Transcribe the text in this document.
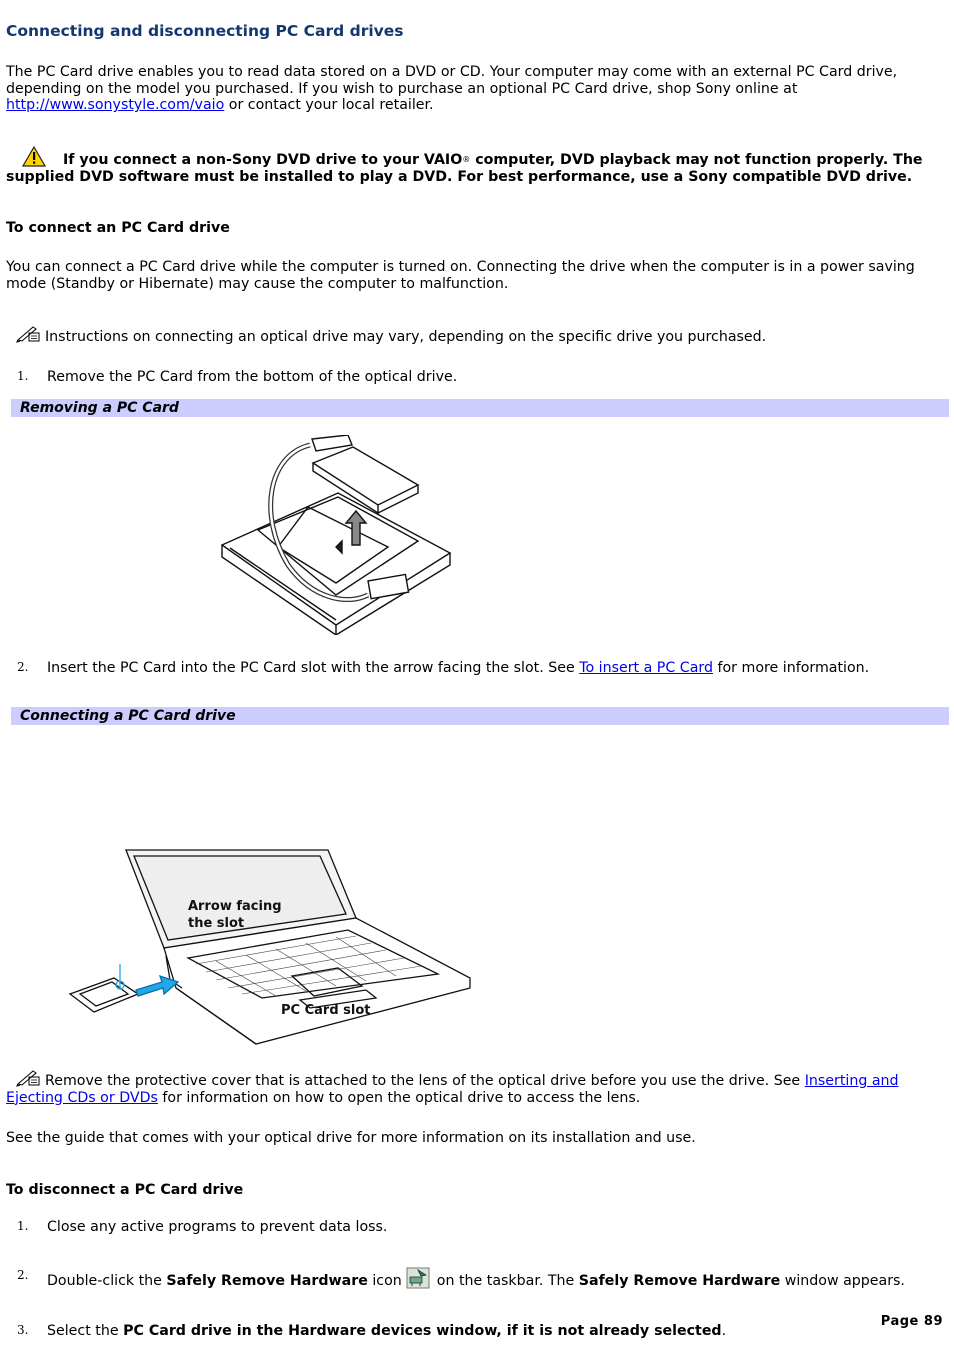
Connecting and disconnecting PC Card drives
The PC Card drive enables you to read data stored on a DVD or CD. Your computer may come with an external PC Card drive, depending on the model you purchased. If you wish to purchase an optional PC Card drive, shop Sony online at http://www.sonystyle.com/vaio or contact your local retailer.
If you connect a non-Sony DVD drive to your VAIO® computer, DVD playback may not function properly. The supplied DVD software must be installed to play a DVD. For best performance, use a Sony compatible DVD drive.
To connect an PC Card drive
You can connect a PC Card drive while the computer is turned on. Connecting the drive when the computer is in a power saving mode (Standby or Hibernate) may cause the computer to malfunction.
Instructions on connecting an optical drive may vary, depending on the specific drive you purchased.
1. Remove the PC Card from the bottom of the optical drive.
Removing a PC Card
2. Insert the PC Card into the PC Card slot with the arrow facing the slot. See To insert a PC Card for more information.
Connecting a PC Card drive
Arrow facing
the slot
PC Card slot
Remove the protective cover that is attached to the lens of the optical drive before you use the drive. See Inserting and Ejecting CDs or DVDs for information on how to open the optical drive to access the lens.
See the guide that comes with your optical drive for more information on its installation and use.
To disconnect a PC Card drive
1. Close any active programs to prevent data loss.
2. Double-click the Safely Remove Hardware icon  on the taskbar. The Safely Remove Hardware window appears.
3. Select the PC Card drive in the Hardware devices window, if it is not already selected.
Page 89
